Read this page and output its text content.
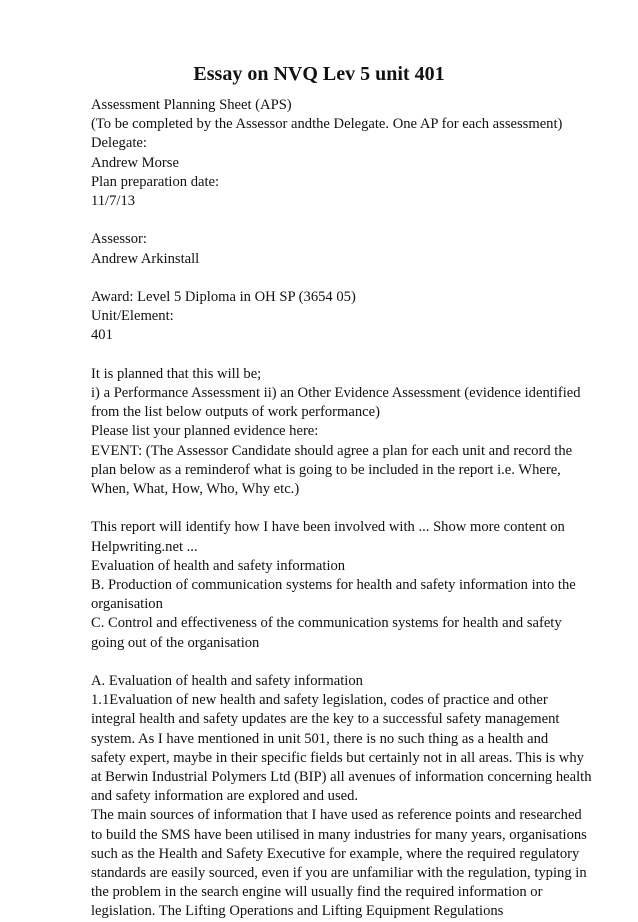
Essay on NVQ Lev 5 unit 401

Assessment Planning Sheet (APS)

(To be completed by the Assessor andthe Delegate. One AP for each assessment)

Delegate:

Andrew Morse

Plan preparation date:

11/7/13

Assessor:

Andrew Arkinstall

Award: Level 5 Diploma in OH SP (3654 05)

Unit/Element:

401

It is planned that this will be;

i) a Performance Assessment ii) an Other Evidence Assessment (evidence identified

from the list below outputs of work performance)

Please list your planned evidence here:

EVENT: (The Assessor Candidate should agree a plan for each unit and record the

plan below as a reminderof what is going to be included in the report i.e. Where,

When, What, How, Who, Why etc.)

This report will identify how I have been involved with ... Show more content on

Helpwriting.net ...

Evaluation of health and safety information

B. Production of communication systems for health and safety information into the

organisation

C. Control and effectiveness of the communication systems for health and safety

going out of the organisation

A. Evaluation of health and safety information

1.1Evaluation of new health and safety legislation, codes of practice and other

integral health and safety updates are the key to a successful safety management

system. As I have mentioned in unit 501, there is no such thing as a health and

safety expert, maybe in their specific fields but certainly not in all areas. This is why

at Berwin Industrial Polymers Ltd (BIP) all avenues of information concerning health

and safety information are explored and used.

The main sources of information that I have used as reference points and researched

to build the SMS have been utilised in many industries for many years, organisations

such as the Health and Safety Executive for example, where the required regulatory

standards are easily sourced, even if you are unfamiliar with the regulation, typing in

the problem in the search engine will usually find the required information or

legislation. The Lifting Operations and Lifting Equipment Regulations
